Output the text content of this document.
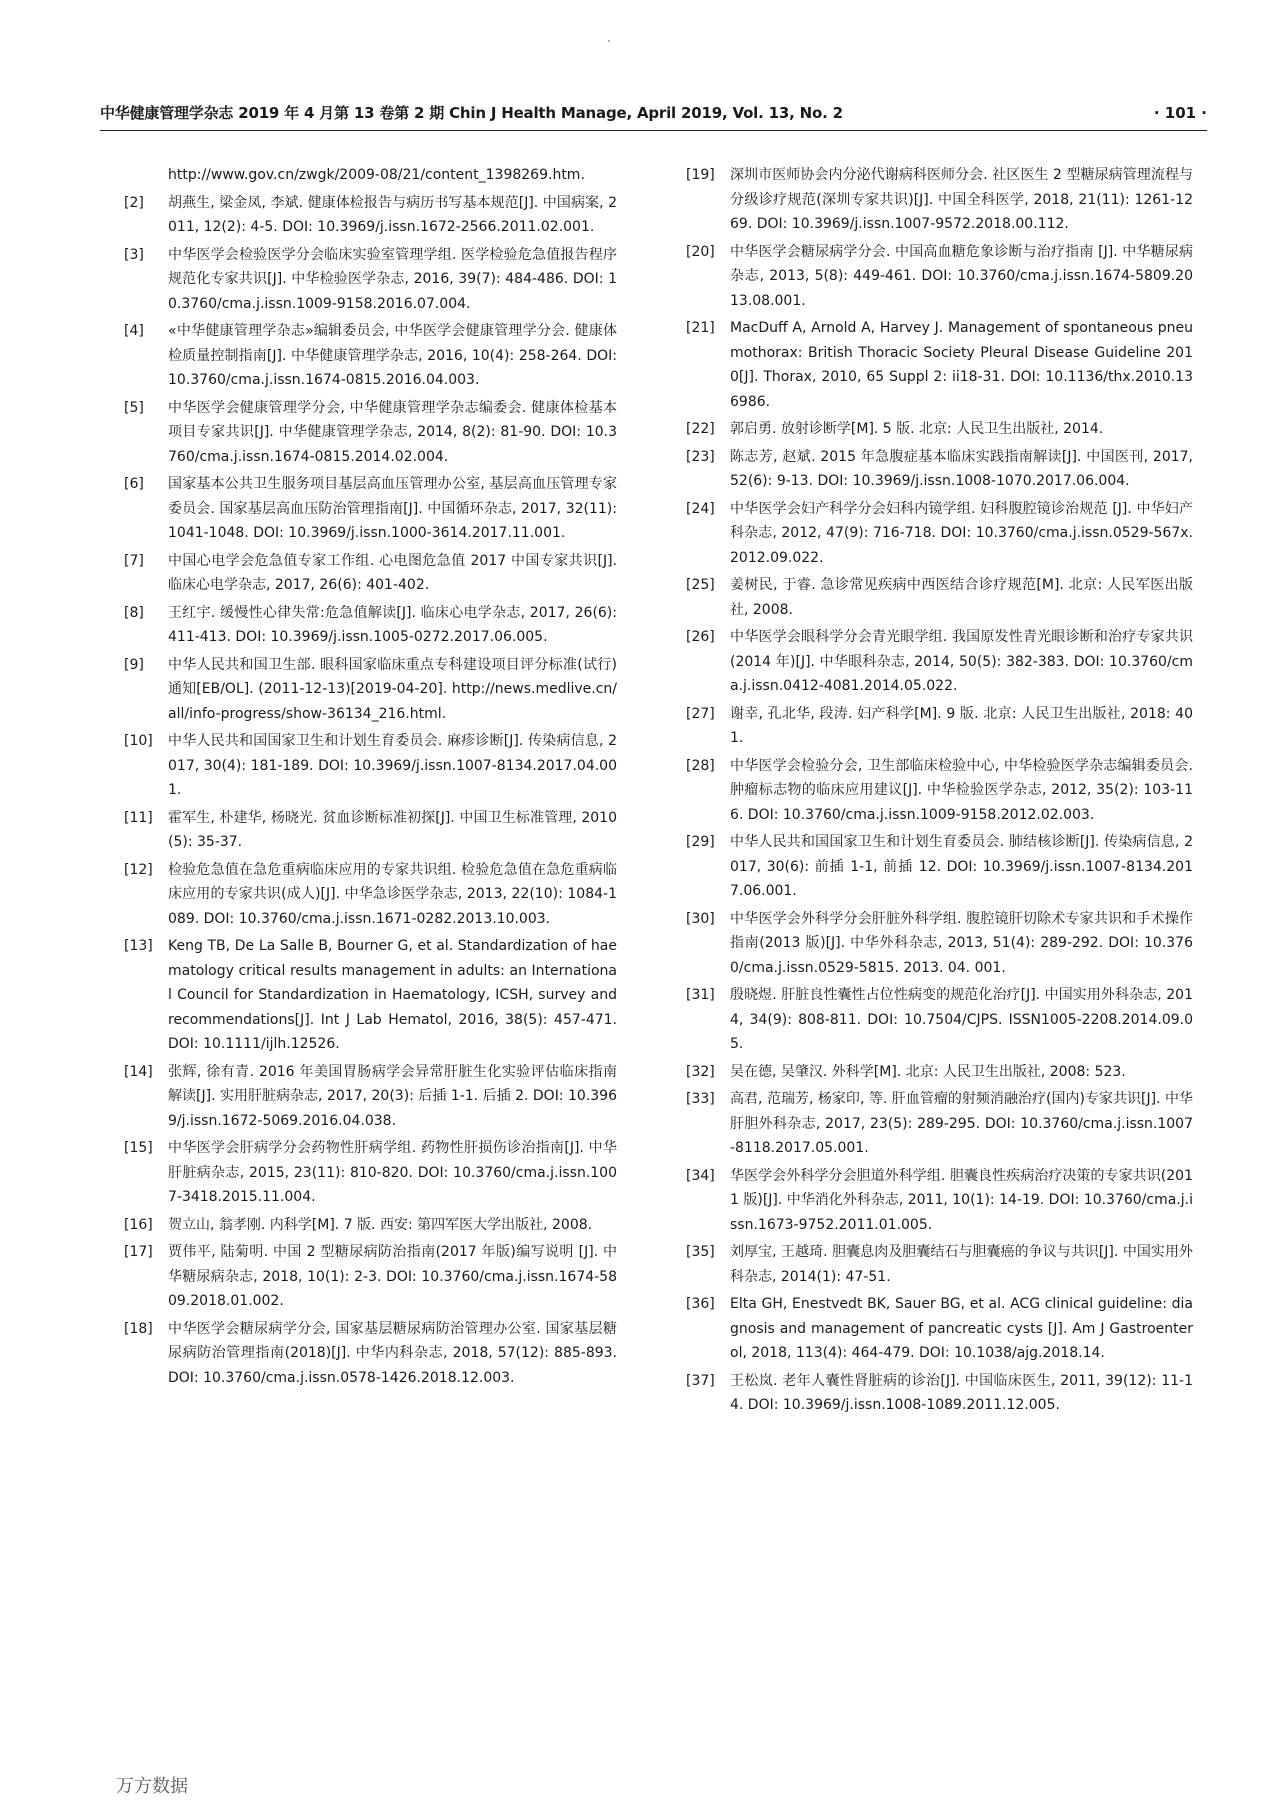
中华健康管理学杂志 2019 年 4 月第 13 卷第 2 期 Chin J Health Manage, April 2019, Vol. 13, No. 2	· 101 ·
http://www.gov.cn/zwgk/2009-08/21/content_1398269.htm.
[2] 胡燕生, 梁金凤, 李斌. 健康体检报告与病历书写基本规范[J]. 中国病案, 2011, 12(2): 4-5. DOI: 10.3969/j.issn.1672-2566.2011.02.001.
[3] 中华医学会检验医学分会临床实验室管理学组. 医学检验危急值报告程序规范化专家共识[J]. 中华检验医学杂志, 2016, 39(7): 484-486. DOI: 10.3760/cma.j.issn.1009-9158.2016.07.004.
[4] «中华健康管理学杂志»编辑委员会, 中华医学会健康管理学分会. 健康体检质量控制指南[J]. 中华健康管理学杂志, 2016, 10(4): 258-264. DOI: 10.3760/cma.j.issn.1674-0815.2016.04.003.
[5] 中华医学会健康管理学分会, 中华健康管理学杂志编委会. 健康体检基本项目专家共识[J]. 中华健康管理学杂志, 2014, 8(2): 81-90. DOI: 10.3760/cma.j.issn.1674-0815.2014.02.004.
[6] 国家基本公共卫生服务项目基层高血压管理办公室, 基层高血压管理专家委员会. 国家基层高血压防治管理指南[J]. 中国循环杂志, 2017, 32(11): 1041-1048. DOI: 10.3969/j.issn.1000-3614.2017.11.001.
[7] 中国心电学会危急值专家工作组. 心电图危急值 2017 中国专家共识[J]. 临床心电学杂志, 2017, 26(6): 401-402.
[8] 王红宇. 缓慢性心律失常:危急值解读[J]. 临床心电学杂志, 2017, 26(6): 411-413. DOI: 10.3969/j.issn.1005-0272.2017.06.005.
[9] 中华人民共和国卫生部. 眼科国家临床重点专科建设项目评分标准(试行)通知[EB/OL]. (2011-12-13)[2019-04-20]. http://news.medlive.cn/all/info-progress/show-36134_216.html.
[10] 中华人民共和国国家卫生和计划生育委员会. 麻疹诊断[J]. 传染病信息, 2017, 30(4): 181-189. DOI: 10.3969/j.issn.1007-8134.2017.04.001.
[11] 霍军生, 朴建华, 杨晓光. 贫血诊断标准初探[J]. 中国卫生标准管理, 2010(5): 35-37.
[12] 检验危急值在急危重病临床应用的专家共识组. 检验危急值在急危重病临床应用的专家共识(成人)[J]. 中华急诊医学杂志, 2013, 22(10): 1084-1089. DOI: 10.3760/cma.j.issn.1671-0282.2013.10.003.
[13] Keng TB, De La Salle B, Bourner G, et al. Standardization of haematology critical results management in adults: an International Council for Standardization in Haematology, ICSH, survey and recommendations[J]. Int J Lab Hematol, 2016, 38(5): 457-471. DOI: 10.1111/ijlh.12526.
[14] 张辉, 徐有青. 2016 年美国胃肠病学会异常肝脏生化实验评估临床指南解读[J]. 实用肝脏病杂志, 2017, 20(3): 后插 1-1. 后插 2. DOI: 10.3969/j.issn.1672-5069.2016.04.038.
[15] 中华医学会肝病学分会药物性肝病学组. 药物性肝损伤诊治指南[J]. 中华肝脏病杂志, 2015, 23(11): 810-820. DOI: 10.3760/cma.j.issn.1007-3418.2015.11.004.
[16] 贺立山, 翁孝刚. 内科学[M]. 7 版. 西安: 第四军医大学出版社, 2008.
[17] 贾伟平, 陆菊明. 中国 2 型糖尿病防治指南(2017 年版)编写说明 [J]. 中华糖尿病杂志, 2018, 10(1): 2-3. DOI: 10.3760/cma.j.issn.1674-5809.2018.01.002.
[18] 中华医学会糖尿病学分会, 国家基层糖尿病防治管理办公室. 国家基层糖尿病防治管理指南(2018)[J]. 中华内科杂志, 2018, 57(12): 885-893. DOI: 10.3760/cma.j.issn.0578-1426.2018.12.003.
[19] 深圳市医师协会内分泌代谢病科医师分会. 社区医生 2 型糖尿病管理流程与分级诊疗规范(深圳专家共识)[J]. 中国全科医学, 2018, 21(11): 1261-1269. DOI: 10.3969/j.issn.1007-9572.2018.00.112.
[20] 中华医学会糖尿病学分会. 中国高血糖危象诊断与治疗指南 [J]. 中华糖尿病杂志, 2013, 5(8): 449-461. DOI: 10.3760/cma.j.issn.1674-5809.2013.08.001.
[21] MacDuff A, Arnold A, Harvey J. Management of spontaneous pneumothorax: British Thoracic Society Pleural Disease Guideline 2010[J]. Thorax, 2010, 65 Suppl 2: ii18-31. DOI: 10.1136/thx.2010.136986.
[22] 郭启勇. 放射诊断学[M]. 5 版. 北京: 人民卫生出版社, 2014.
[23] 陈志芳, 赵斌. 2015 年急腹症基本临床实践指南解读[J]. 中国医刊, 2017, 52(6): 9-13. DOI: 10.3969/j.issn.1008-1070.2017.06.004.
[24] 中华医学会妇产科学分会妇科内镜学组. 妇科腹腔镜诊治规范 [J]. 中华妇产科杂志, 2012, 47(9): 716-718. DOI: 10.3760/cma.j.issn.0529-567x.2012.09.022.
[25] 姜树民, 于睿. 急诊常见疾病中西医结合诊疗规范[M]. 北京: 人民军医出版社, 2008.
[26] 中华医学会眼科学分会青光眼学组. 我国原发性青光眼诊断和治疗专家共识(2014 年)[J]. 中华眼科杂志, 2014, 50(5): 382-383. DOI: 10.3760/cma.j.issn.0412-4081.2014.05.022.
[27] 谢幸, 孔北华, 段涛. 妇产科学[M]. 9 版. 北京: 人民卫生出版社, 2018: 401.
[28] 中华医学会检验分会, 卫生部临床检验中心, 中华检验医学杂志编辑委员会. 肿瘤标志物的临床应用建议[J]. 中华检验医学杂志, 2012, 35(2): 103-116. DOI: 10.3760/cma.j.issn.1009-9158.2012.02.003.
[29] 中华人民共和国国家卫生和计划生育委员会. 肺结核诊断[J]. 传染病信息, 2017, 30(6): 前插 1-1, 前插 12. DOI: 10.3969/j.issn.1007-8134.2017.06.001.
[30] 中华医学会外科学分会肝脏外科学组. 腹腔镜肝切除术专家共识和手术操作指南(2013 版)[J]. 中华外科杂志, 2013, 51(4): 289-292. DOI: 10.3760/cma.j.issn.0529-5815. 2013. 04. 001.
[31] 殷晓煜. 肝脏良性囊性占位性病变的规范化治疗[J]. 中国实用外科杂志, 2014, 34(9): 808-811. DOI: 10.7504/CJPS. ISSN1005-2208.2014.09.05.
[32] 吴在德, 吴肇汉. 外科学[M]. 北京: 人民卫生出版社, 2008: 523.
[33] 高君, 范瑞芳, 杨家印, 等. 肝血管瘤的射频消融治疗(国内)专家共识[J]. 中华肝胆外科杂志, 2017, 23(5): 289-295. DOI: 10.3760/cma.j.issn.1007-8118.2017.05.001.
[34] 华医学会外科学分会胆道外科学组. 胆囊良性疾病治疗决策的专家共识(2011 版)[J]. 中华消化外科杂志, 2011, 10(1): 14-19. DOI: 10.3760/cma.j.issn.1673-9752.2011.01.005.
[35] 刘厚宝, 王越琦. 胆囊息肉及胆囊结石与胆囊癌的争议与共识[J]. 中国实用外科杂志, 2014(1): 47-51.
[36] Elta GH, Enestvedt BK, Sauer BG, et al. ACG clinical guideline: diagnosis and management of pancreatic cysts [J]. Am J Gastroenterol, 2018, 113(4): 464-479. DOI: 10.1038/ajg.2018.14.
[37] 王松岚. 老年人囊性肾脏病的诊治[J]. 中国临床医生, 2011, 39(12): 11-14. DOI: 10.3969/j.issn.1008-1089.2011.12.005.
万方数据
